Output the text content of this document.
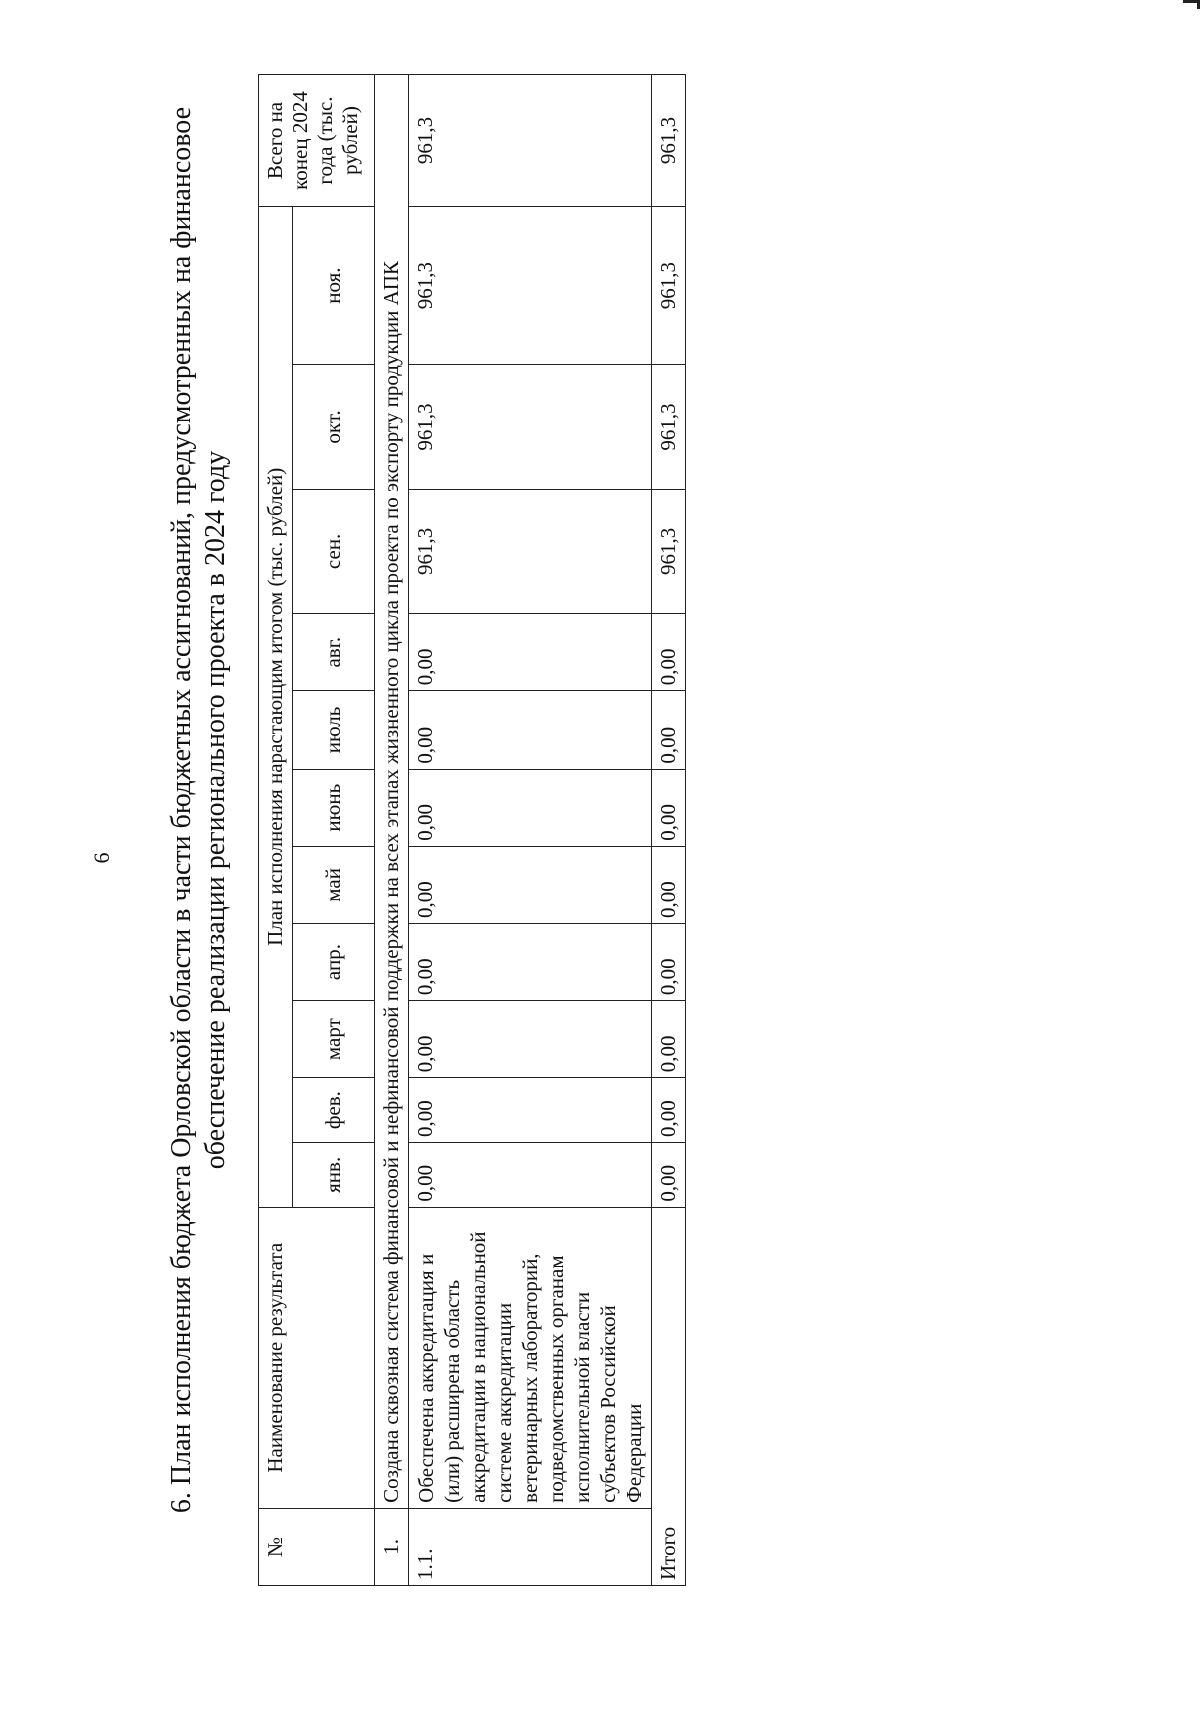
6 6. План исполнения бюджета Орловской области в части бюджетных ассигнований, предусмотренных на финансовое обеспечение реализации регионального проекта в 2024 году
№	Наименование результата	План исполнения нарастающим итогом (тыс. рублей)											Всего на конец 2024 года (тыс. рублей)
		янв.	фев.	март	апр.	май	июнь	июль	авг.	сен.	окт.	ноя.	
1.	Создана сквозная система финансовой и нефинансовой поддержки на всех этапах жизненного цикла проекта по экспорту продукции АПК												
1.1.	Обеспечена аккредитация и (или) расширена область аккредитации в национальной системе аккредитации ветеринарных лабораторий, подведомственных органам исполнительной власти субъектов Российской Федерации	0,00	0,00	0,00	0,00	0,00	0,00	0,00	0,00	961,3	961,3	961,3	961,3
Итого		0,00	0,00	0,00	0,00	0,00	0,00	0,00	0,00	961,3	961,3	961,3	961,3
